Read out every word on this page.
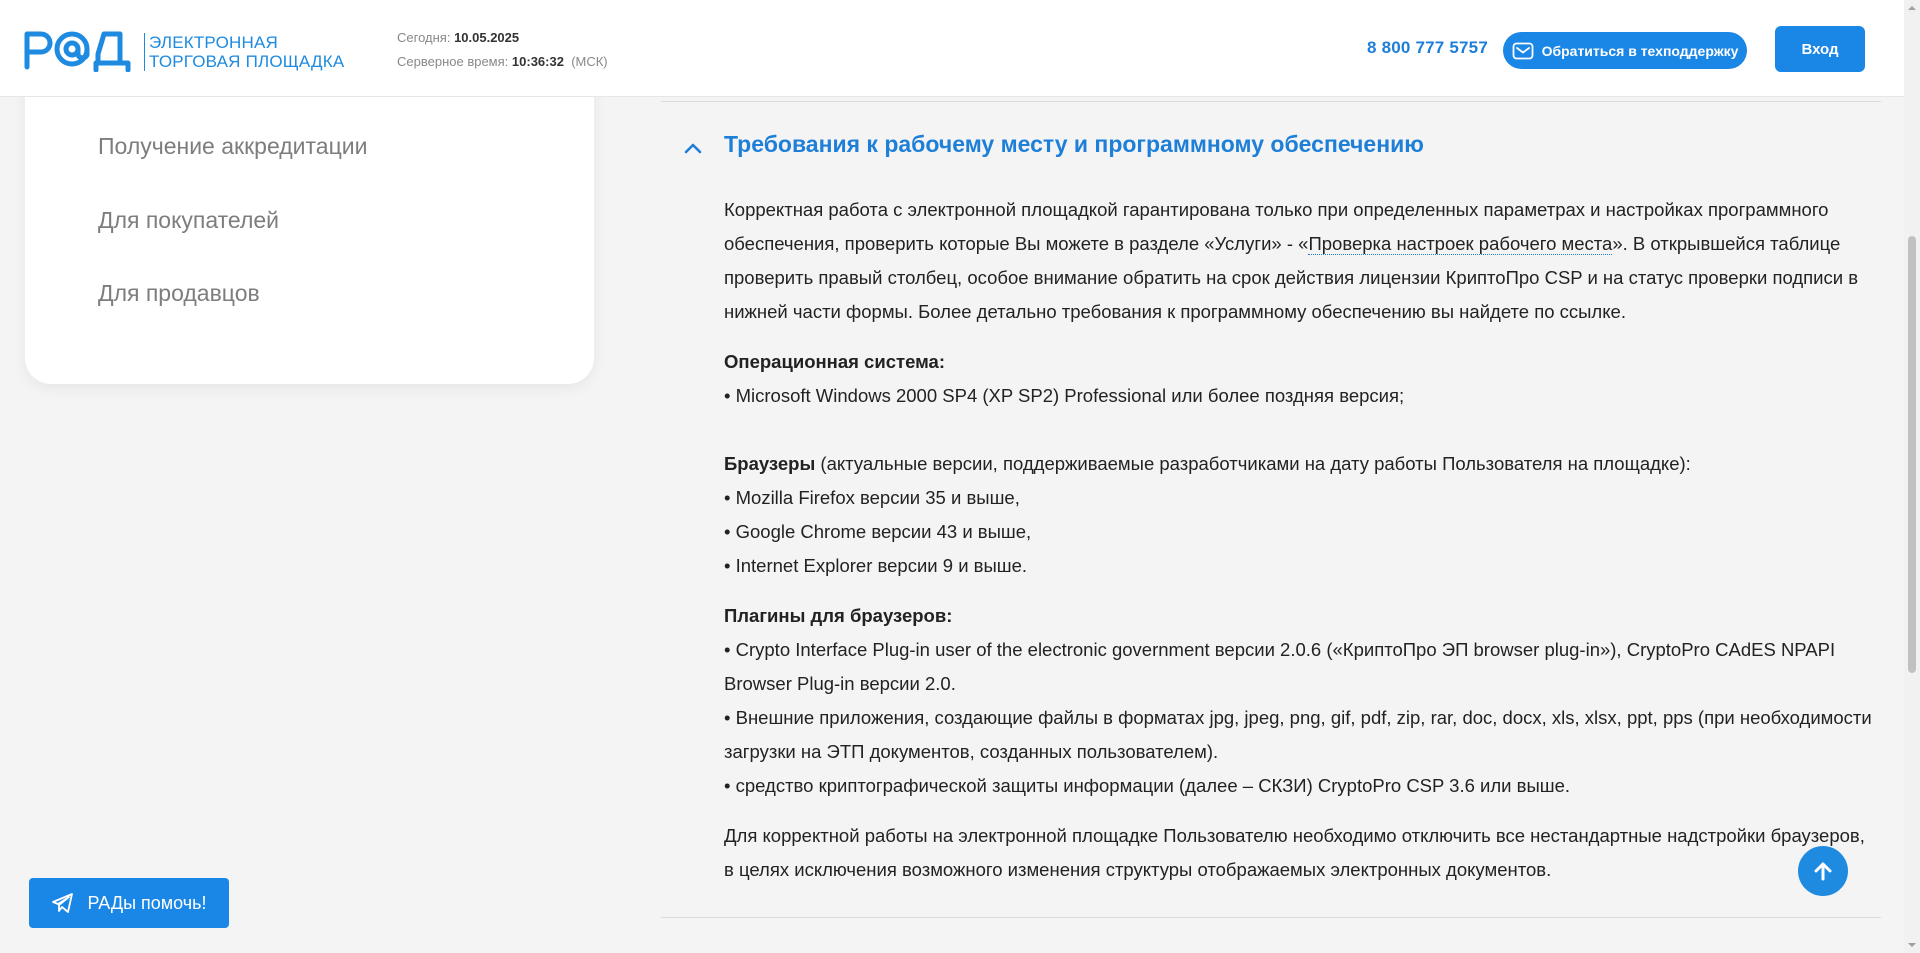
ЭЛЕКТРОННАЯ
ТОРГОВАЯ ПЛОЩАДКА
Сегодня: 10.05.2025
Серверное время: 10:36:32 (МСК)
8 800 777 5757	Обратиться в техподдержку	Вход
Получение аккредитации
Для покупателей
Для продавцов
Требования к рабочему месту и программному обеспечению

Корректная работа с электронной площадкой гарантирована только при определенных параметрах и настройках программного обеспечения, проверить которые Вы можете в разделе «Услуги» - «Проверка настроек рабочего места». В открывшейся таблице проверить правый столбец, особое внимание обратить на срок действия лицензии КриптоПро CSP и на статус проверки подписи в нижней части формы. Более детально требования к программному обеспечению вы найдете по ссылке.

Операционная система:
• Microsoft Windows 2000 SP4 (XP SP2) Professional или более поздняя версия;
Браузеры (актуальные версии, поддерживаемые разработчиками на дату работы Пользователя на площадке):
• Mozilla Firefox версии 35 и выше,
• Google Chrome версии 43 и выше,
• Internet Explorer версии 9 и выше.
Плагины для браузеров:
• Crypto Interface Plug-in user of the electronic government версии 2.0.6 («КриптоПро ЭП browser plug-in»), CryptoPro CAdES NPAPI Browser Plug-in версии 2.0.
• Внешние приложения, создающие файлы в форматах jpg, jpeg, png, gif, pdf, zip, rar, doc, docx, xls, xlsx, ppt, pps (при необходимости загрузки на ЭТП документов, созданных пользователем).
• средство криптографической защиты информации (далее – СКЗИ) CryptoPro CSP 3.6 или выше.

Для корректной работы на электронной площадке Пользователю необходимо отключить все нестандартные надстройки браузеров, в целях исключения возможного изменения структуры отображаемых электронных документов.

РАДы помочь!
